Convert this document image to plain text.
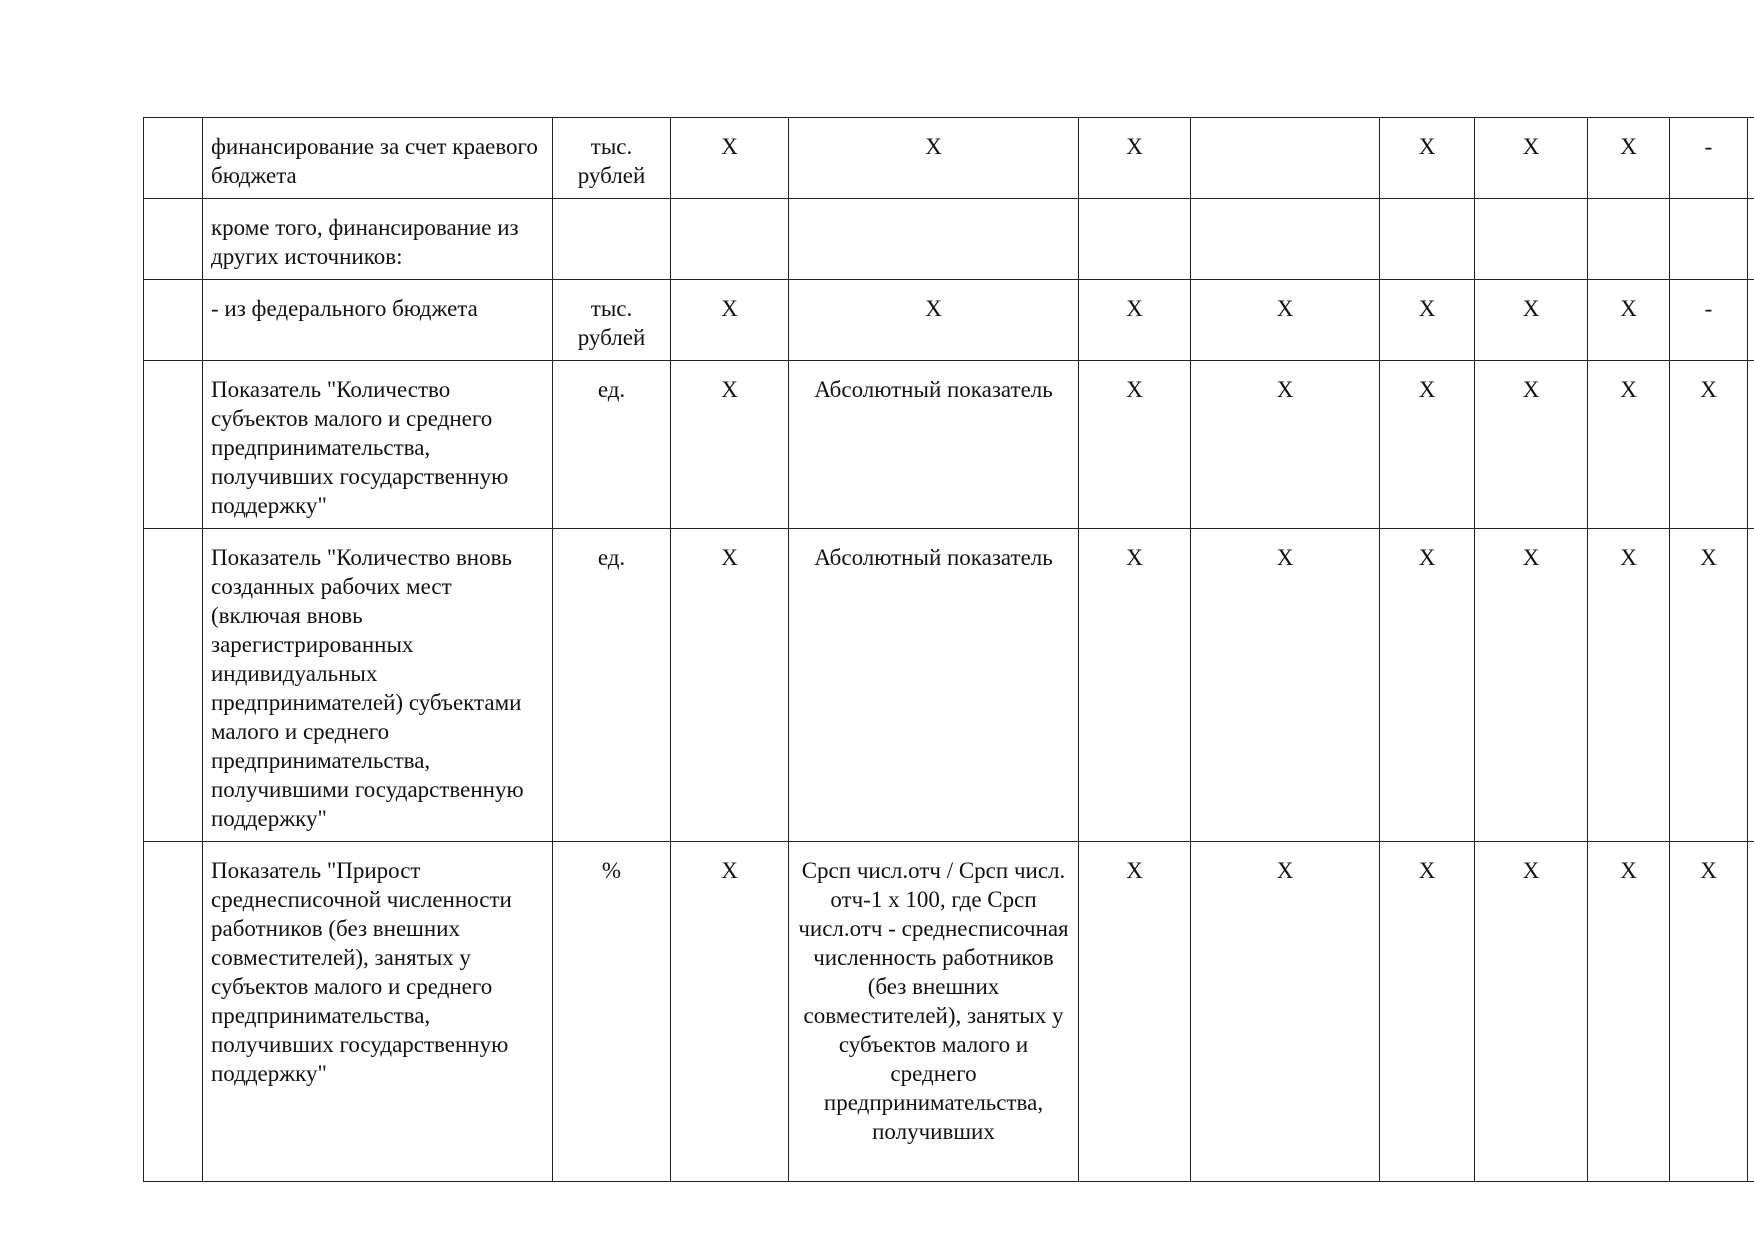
	финансирование за счет краевого бюджета	тыс. рублей	X	X	X		X	X	X	-	
	кроме того, финансирование из других источников:										
	- из федерального бюджета	тыс. рублей	X	X	X	X	X	X	X	-	
	Показатель "Количество субъектов малого и среднего предпринимательства, получивших государственную поддержку"	ед.	X	Абсолютный показатель	X	X	X	X	X	X	
	Показатель "Количество вновь созданных рабочих мест (включая вновь зарегистрированных индивидуальных предпринимателей) субъектами малого и среднего предпринимательства, получившими государственную поддержку"	ед.	X	Абсолютный показатель	X	X	X	X	X	X	
	Показатель "Прирост среднесписочной численности работников (без внешних совместителей), занятых у субъектов малого и среднего предпринимательства, получивших государственную поддержку"	%	X	Срсп числ.отч / Срсп числ. отч-1 x 100, где Срсп числ.отч - среднесписочная численность работников (без внешних совместителей), занятых у субъектов малого и среднего предпринимательства, получивших	X	X	X	X	X	X	
